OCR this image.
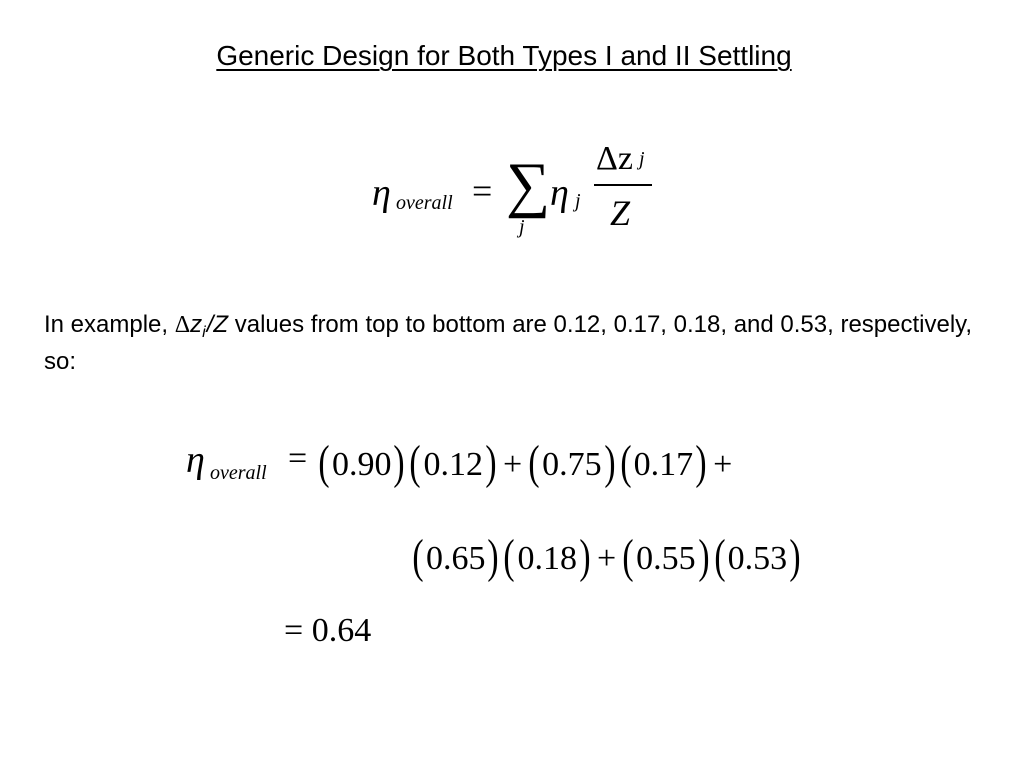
Generic Design for Both Types I and II Settling
η overall = ∑
j
η j
Δz j
Z
In example, $\Delta z_i/Z$ values from top to bottom are 0.12, 0.17, 0.18, and 0.53, respectively, so:
η overall = (0.90)(0.12) + (0.75)(0.17) +
(0.65)(0.18) + (0.55)(0.53)
= 0.64
